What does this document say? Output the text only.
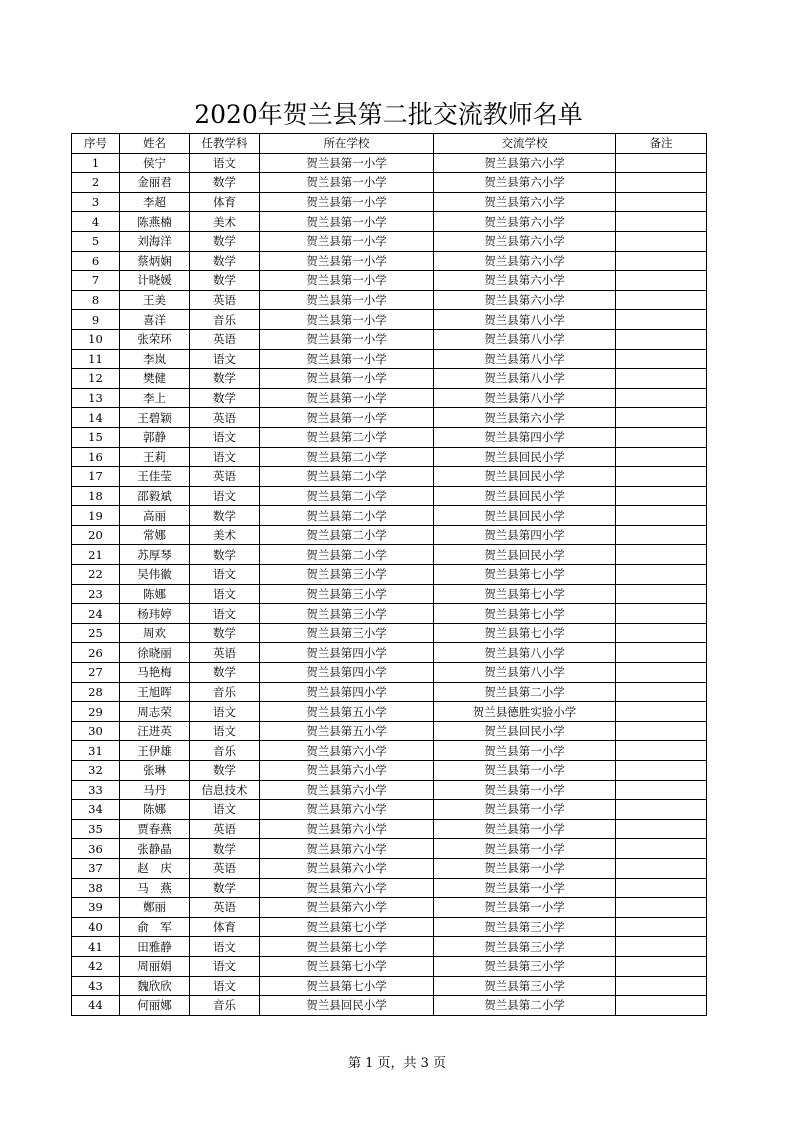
2020年贺兰县第二批交流教师名单
序号	姓名	任教学科	所在学校	交流学校	备注
1	侯宁	语文	贺兰县第一小学	贺兰县第六小学	
2	金丽君	数学	贺兰县第一小学	贺兰县第六小学	
3	李超	体育	贺兰县第一小学	贺兰县第六小学	
4	陈燕楠	美术	贺兰县第一小学	贺兰县第六小学	
5	刘海洋	数学	贺兰县第一小学	贺兰县第六小学	
6	蔡炳娴	数学	贺兰县第一小学	贺兰县第六小学	
7	计晓媛	数学	贺兰县第一小学	贺兰县第六小学	
8	王美	英语	贺兰县第一小学	贺兰县第六小学	
9	喜洋	音乐	贺兰县第一小学	贺兰县第八小学	
10	张荣环	英语	贺兰县第一小学	贺兰县第八小学	
11	李岚	语文	贺兰县第一小学	贺兰县第八小学	
12	樊健	数学	贺兰县第一小学	贺兰县第八小学	
13	李上	数学	贺兰县第一小学	贺兰县第八小学	
14	王碧颖	英语	贺兰县第一小学	贺兰县第六小学	
15	郭静	语文	贺兰县第二小学	贺兰县第四小学	
16	王莉	语文	贺兰县第二小学	贺兰县回民小学	
17	王佳莹	英语	贺兰县第二小学	贺兰县回民小学	
18	邵毅斌	语文	贺兰县第二小学	贺兰县回民小学	
19	高丽	数学	贺兰县第二小学	贺兰县回民小学	
20	常娜	美术	贺兰县第二小学	贺兰县第四小学	
21	苏厚琴	数学	贺兰县第二小学	贺兰县回民小学	
22	吴伟徽	语文	贺兰县第三小学	贺兰县第七小学	
23	陈娜	语文	贺兰县第三小学	贺兰县第七小学	
24	杨玮婷	语文	贺兰县第三小学	贺兰县第七小学	
25	周欢	数学	贺兰县第三小学	贺兰县第七小学	
26	徐晓丽	英语	贺兰县第四小学	贺兰县第八小学	
27	马艳梅	数学	贺兰县第四小学	贺兰县第八小学	
28	王旭晖	音乐	贺兰县第四小学	贺兰县第二小学	
29	周志荣	语文	贺兰县第五小学	贺兰县德胜实验小学	
30	汪进英	语文	贺兰县第五小学	贺兰县回民小学	
31	王伊雄	音乐	贺兰县第六小学	贺兰县第一小学	
32	张琳	数学	贺兰县第六小学	贺兰县第一小学	
33	马丹	信息技术	贺兰县第六小学	贺兰县第一小学	
34	陈娜	语文	贺兰县第六小学	贺兰县第一小学	
35	贾春燕	英语	贺兰县第六小学	贺兰县第一小学	
36	张静晶	数学	贺兰县第六小学	贺兰县第一小学	
37	赵　庆	英语	贺兰县第六小学	贺兰县第一小学	
38	马　燕	数学	贺兰县第六小学	贺兰县第一小学	
39	鄭丽	英语	贺兰县第六小学	贺兰县第一小学	
40	俞　军	体育	贺兰县第七小学	贺兰县第三小学	
41	田雅静	语文	贺兰县第七小学	贺兰县第三小学	
42	周丽娟	语文	贺兰县第七小学	贺兰县第三小学	
43	魏欣欣	语文	贺兰县第七小学	贺兰县第三小学	
44	何丽娜	音乐	贺兰县回民小学	贺兰县第二小学	
第 1 页，共 3 页
